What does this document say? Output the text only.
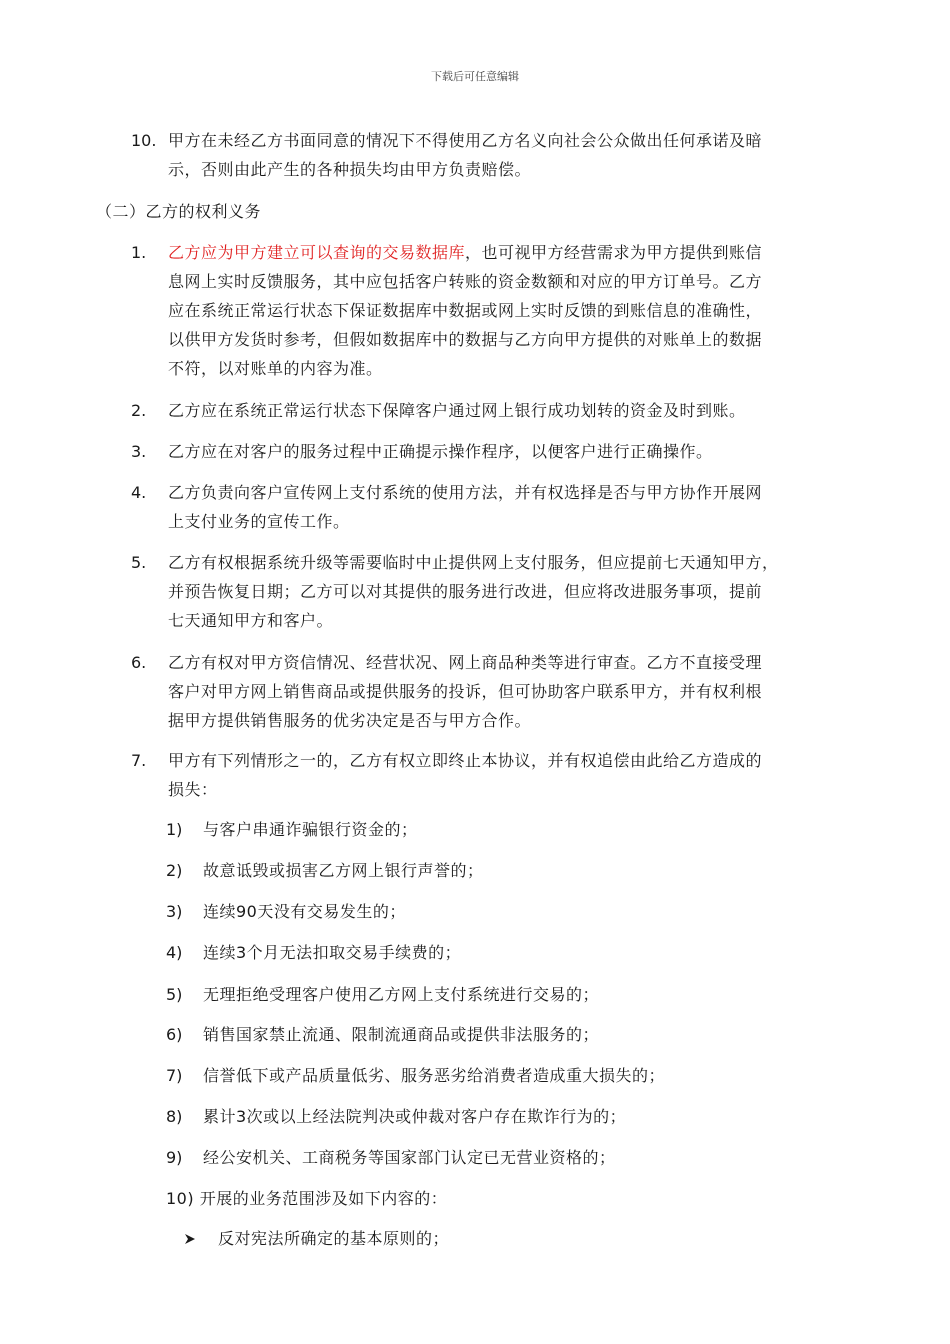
下载后可任意编辑
10. 甲方在未经乙方书面同意的情况下不得使用乙方名义向社会公众做出任何承诺及暗
示，否则由此产生的各种损失均由甲方负责赔偿。
（二）乙方的权利义务
1. 乙方应为甲方建立可以查询的交易数据库，也可视甲方经营需求为甲方提供到账信
息网上实时反馈服务，其中应包括客户转账的资金数额和对应的甲方订单号。乙方
应在系统正常运行状态下保证数据库中数据或网上实时反馈的到账信息的准确性，
以供甲方发货时参考，但假如数据库中的数据与乙方向甲方提供的对账单上的数据
不符，以对账单的内容为准。
2. 乙方应在系统正常运行状态下保障客户通过网上银行成功划转的资金及时到账。
3. 乙方应在对客户的服务过程中正确提示操作程序，以便客户进行正确操作。
4. 乙方负责向客户宣传网上支付系统的使用方法，并有权选择是否与甲方协作开展网
上支付业务的宣传工作。
5. 乙方有权根据系统升级等需要临时中止提供网上支付服务，但应提前七天通知甲方，
并预告恢复日期；乙方可以对其提供的服务进行改进，但应将改进服务事项，提前
七天通知甲方和客户。
6. 乙方有权对甲方资信情况、经营状况、网上商品种类等进行审查。乙方不直接受理
客户对甲方网上销售商品或提供服务的投诉，但可协助客户联系甲方，并有权利根
据甲方提供销售服务的优劣决定是否与甲方合作。
7. 甲方有下列情形之一的，乙方有权立即终止本协议，并有权追偿由此给乙方造成的
损失：
1) 与客户串通诈骗银行资金的；
2) 故意诋毁或损害乙方网上银行声誉的；
3) 连续90天没有交易发生的；
4) 连续3个月无法扣取交易手续费的；
5) 无理拒绝受理客户使用乙方网上支付系统进行交易的；
6) 销售国家禁止流通、限制流通商品或提供非法服务的；
7) 信誉低下或产品质量低劣、服务恶劣给消费者造成重大损失的；
8) 累计3次或以上经法院判决或仲裁对客户存在欺诈行为的；
9) 经公安机关、工商税务等国家部门认定已无营业资格的；
10) 开展的业务范围涉及如下内容的：
反对宪法所确定的基本原则的；
